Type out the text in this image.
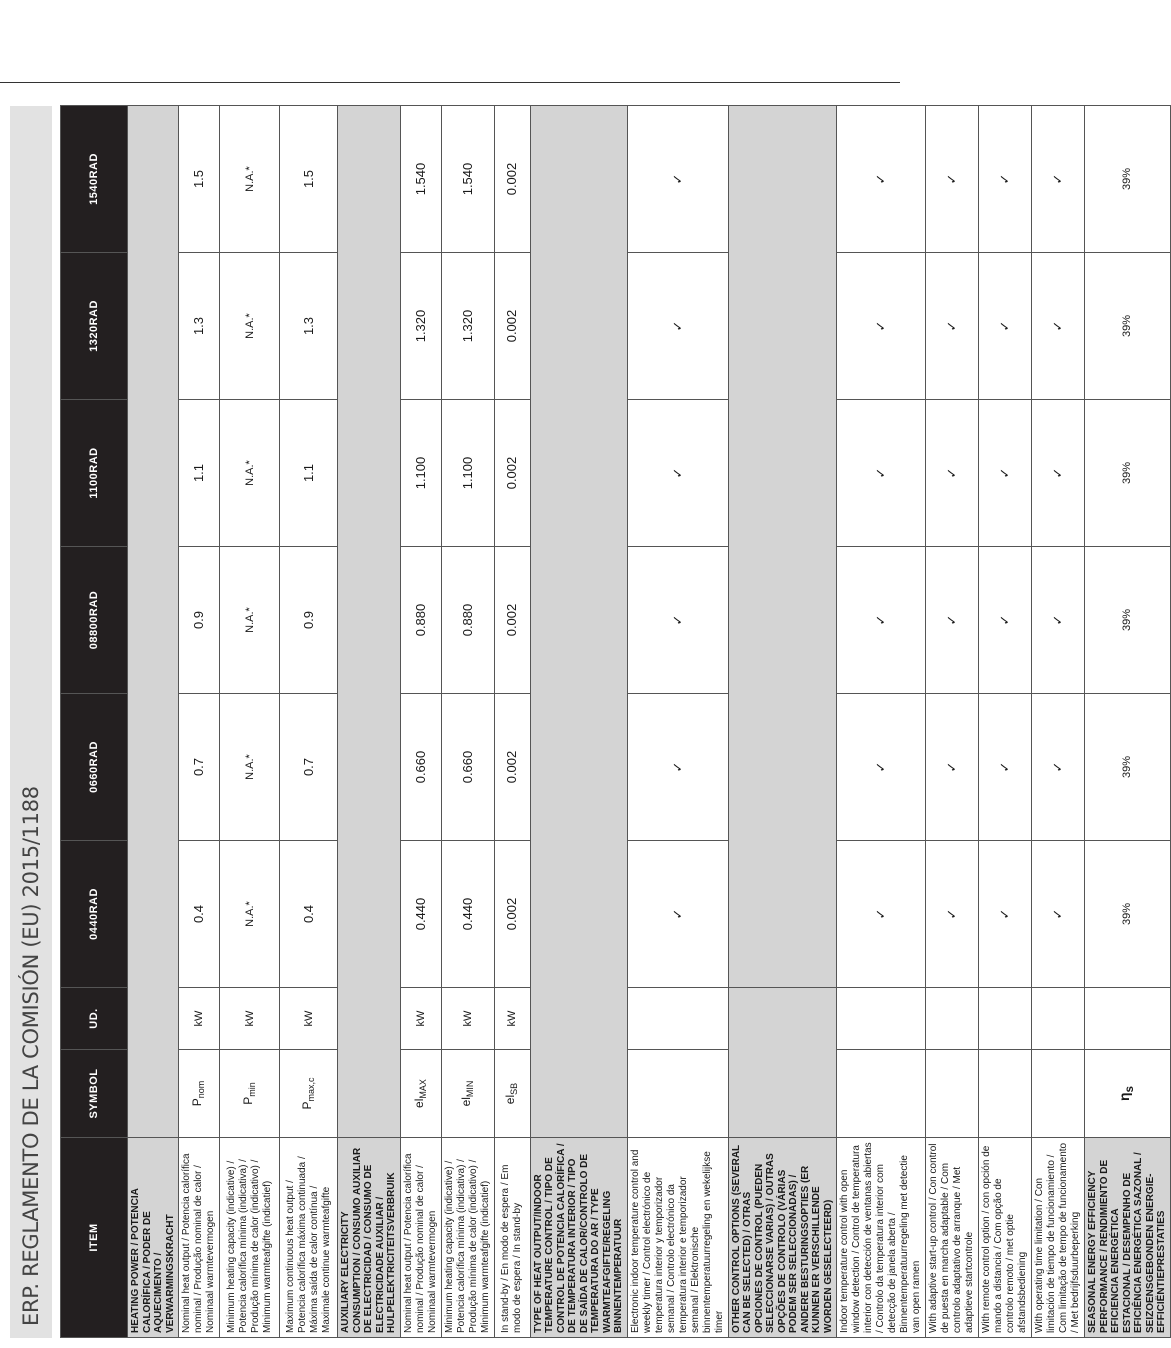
ERP. REGLAMENTO DE LA COMISIÓN (EU) 2015/1188	ITEM	SYMBOL	UD.	0440RAD	0660RAD	08800RAD	1100RAD	1320RAD	1540RAD
HEATING POWER / POTENCIA CALORÍFICA / PODER DE AQUECIMENTO / VERWARMINGSKRACHT								
Nominal heat output / Potencia calorífica nominal / Produção nominal de calor / Nominaal warmtevermogen	$P_{nom}$	kW	0.4	0.7	0.9	1.1	1.3	1.5
Minimum heating capacity (indicative) / Potencia calorífica mínima (indicativa) / Produção mínima de calor (indicativo) / Minimum warmteafgifte (indicatief)	$P_{min}$	kW	N.A.*	N.A.*	N.A.*	N.A.*	N.A.*	N.A.*
Maximum continuous heat output / Potencia calorífica máxima continuada / Máxima saída de calor contínua / Maximale continue warmteafgifte	$P_{max,c}$	kW	0.4	0.7	0.9	1.1	1.3	1.5
AUXILIARY ELECTRICITY CONSUMPTION / CONSUMO AUXILIAR DE ELECTRICIDAD / CONSUMO DE ELECTRICIDADE AUXILIAR / HULPELEKTRICITEITSVERBRUIK								
Nominal heat output / Potencia calorífica nominal / Produção nominal de calor / Nominaal warmtevermogen	$el_{MAX}$	kW	0.440	0.660	0.880	1.100	1.320	1.540
Minimum heating capacity (indicative) / Potencia calorífica mínima (indicativa) / Produção mínima de calor (indicativo) / Minimum warmteafgifte (indicatief)	$el_{MIN}$	kW	0.440	0.660	0.880	1.100	1.320	1.540
In stand-by / En modo de espera / Em modo de espera / In stand-by	$el_{SB}$	kW	0.002	0.002	0.002	0.002	0.002	0.002
TYPE OF HEAT OUTPUT/INDOOR TEMPERATURE CONTROL / TIPO DE CONTROL DE POTENCIA CALORÍFICA / DE TEMPERATURA INTERIOR / TIPO DE SAÍDA DE CALOR/CONTROLO DE TEMPERATURA DO AR / TYPE WARMTEAFGIFTE/REGELING BINNENTEMPERATUUR								
Electronic indoor temperature control and weekly timer / Control electrónico de temperatura interior y temporizador semanal / Controlo electrónico da temperatura interior e temporizador semanal / Elektronische binnentemperatuurregeling en wekelijkse timer			✓	✓	✓	✓	✓	✓
OTHER CONTROL OPTIONS (SEVERAL CAN BE SELECTED) / OTRAS OPCIONES DE CONTROL (PUEDEN SELECCIONARSE VARIAS) / OUTRAS OPÇÕES DE CONTROLO (VÁRIAS PODEM SER SELECCIONADAS) / ANDERE BESTURINGSOPTIES (ER KUNNEN ER VERSCHILLENDE WORDEN GESELECTEERD)								
Indoor temperature control with open window detection / Control de temperatura interior con detección de ventanas abiertas / Controlo da temperatura interior com detecção de janela aberta / Binnentemperatuurregeling met detectie van open ramen			✓	✓	✓	✓	✓	✓
With adaptive start-up control / Con control de puesta en marcha adaptable / Com controlo adaptativo de arranque / Met adaptieve startcontrole			✓	✓	✓	✓	✓	✓
With remote control option / con opción de mando a distancia / Com opção de controlo remoto / met optie afstandsbediening			✓	✓	✓	✓	✓	✓
With operating time limitation / Con limitación de tiempo de funcionamiento / Com limitação de tempo de funcionamento / Met bedrijfsduurbeperking			✓	✓	✓	✓	✓	✓
SEASONAL ENERGY EFFICIENCY PERFORMANCE / RENDIMIENTO DE EFICIENCIA ENERGÉTICA ESTACIONAL / DESEMPENHO DE EFICIÊNCIA ENERGÉTICA SAZONAL / SEIZOENSGEBONDEN ENERGIE-EFFICIËNTIEPRESTATIES	$\eta_s$		39%	39%	39%	39%	39%	39%
